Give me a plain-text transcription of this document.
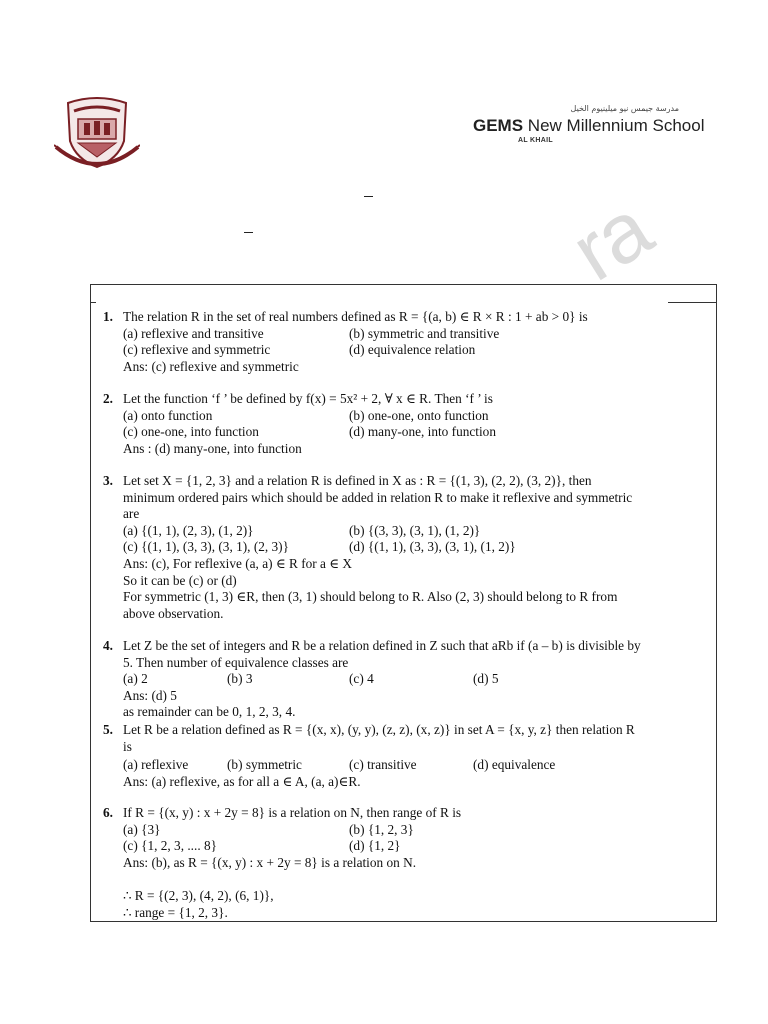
مدرسة جيمس نيو ميلينيوم الخيل
GEMS New Millennium School
AL KHAIL
ra
1. The relation R in the set of real numbers defined as R = {(a, b) ∈ R × R : 1 + ab > 0} is
(a) reflexive and transitive	(b) symmetric and transitive
(c) reflexive and symmetric	(d) equivalence relation
Ans: (c) reflexive and symmetric
2. Let the function ‘f ’ be defined by f(x) = 5x² + 2, ∀ x ∈ R. Then ‘f ’ is
(a) onto function	(b) one-one, onto function
(c) one-one, into function	(d) many-one, into function
Ans : (d) many-one, into function
3. Let set X = {1, 2, 3} and a relation R is defined in X as : R = {(1, 3), (2, 2), (3, 2)}, then
minimum ordered pairs which should be added in relation R to make it reflexive and symmetric
are
(a) {(1, 1), (2, 3), (1, 2)}	(b) {(3, 3), (3, 1), (1, 2)}
(c) {(1, 1), (3, 3), (3, 1), (2, 3)}	(d) {(1, 1), (3, 3), (3, 1), (1, 2)}
Ans: (c), For reflexive (a, a) ∈ R for a ∈ X
So it can be (c) or (d)
For symmetric (1, 3) ∈R, then (3, 1) should belong to R. Also (2, 3) should belong to R from
above observation.
4. Let Z be the set of integers and R be a relation defined in Z such that aRb if (a – b) is divisible by
5. Then number of equivalence classes are
(a) 2	(b) 3	(c) 4	(d) 5
Ans: (d) 5
as remainder can be 0, 1, 2, 3, 4.
5. Let R be a relation defined as R = {(x, x), (y, y), (z, z), (x, z)} in set A = {x, y, z} then relation R
is
(a) reflexive	(b) symmetric	(c) transitive	(d) equivalence
Ans: (a) reflexive, as for all a ∈ A, (a, a)∈R.
6. If R = {(x, y) : x + 2y = 8} is a relation on N, then range of R is
(a) {3}	(b) {1, 2, 3}
(c) {1, 2, 3, .... 8}	(d) {1, 2}
Ans: (b), as R = {(x, y) : x + 2y = 8} is a relation on N.
∴ R = {(2, 3), (4, 2), (6, 1)},
∴ range = {1, 2, 3}.
